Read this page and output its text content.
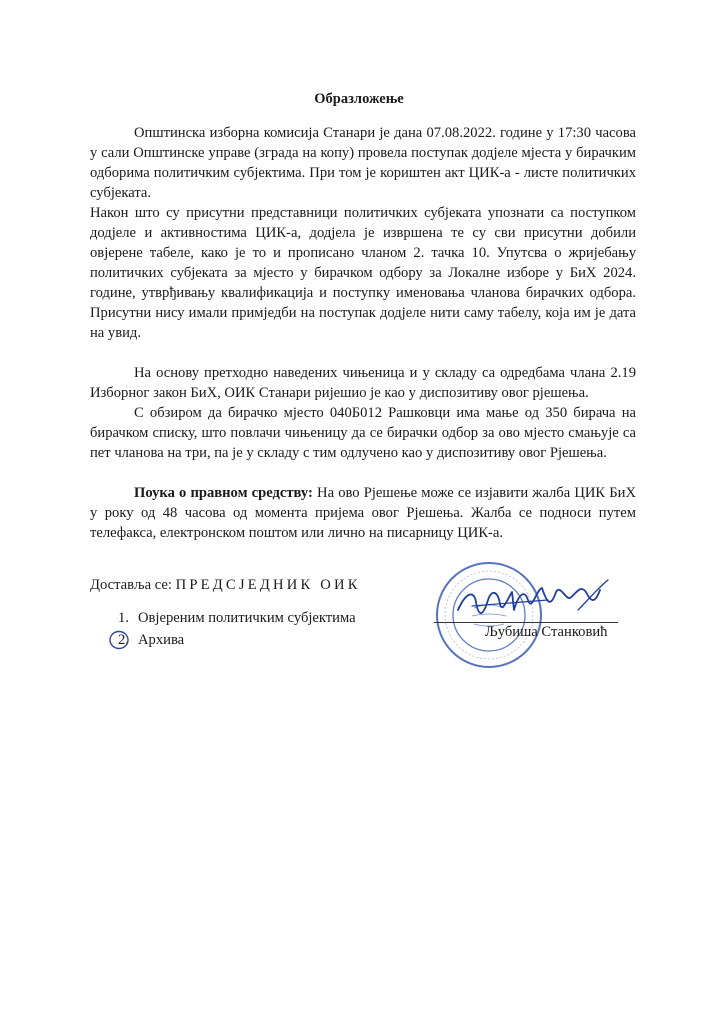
Образложење

Општинска изборна комисија Станари је дана 07.08.2022. године у 17:30 часова у сали Општинске управе (зграда на копу) провела поступак додјеле мјеста у бирачким одборима политичким субјектима. При том је кориштен акт ЦИК-а - листе политичких субјеката.

Након што су присутни представници политичких субјеката упознати са поступком додјеле и активностима ЦИК-а, додјела је извршена те су сви присутни добили овјерене табеле, како је то и прописано чланом 2. тачка 10. Упутсва о жријебању политичких субјеката за мјесто у бирачком одбору за Локалне изборе у БиХ 2024. године, утврђивању квалификација и поступку именовања чланова бирачких одбора. Присутни нису имали примједби на поступак додјеле нити саму табелу, која им је дата на увид.

На основу претходно наведених чињеница и у складу са одредбама члана 2.19 Изборног закон БиХ, ОИК Станари ријешио је као у диспозитиву овог рјешења.

С обзиром да бирачко мјесто 040Б012 Рашковци има мање од 350 бирача на бирачком списку, што повлачи чињеницу да се бирачки одбор за ово мјесто смањује са пет чланова на три, па је у складу с тим одлучено као у диспозитиву овог Рјешења.

Поука о правном средству: На ово Рјешење може се изјавити жалба ЦИК БиХ у року од 48 часова од момента пријема овог Рјешења. Жалба се подноси путем телефакса, електронском поштом или лично на писарницу ЦИК-а.

Достављa се: ПРЕДСЈЕДНИК ОИК
1. Овјереним политичким субјектима
2. Архива	Љубиша Станковић
